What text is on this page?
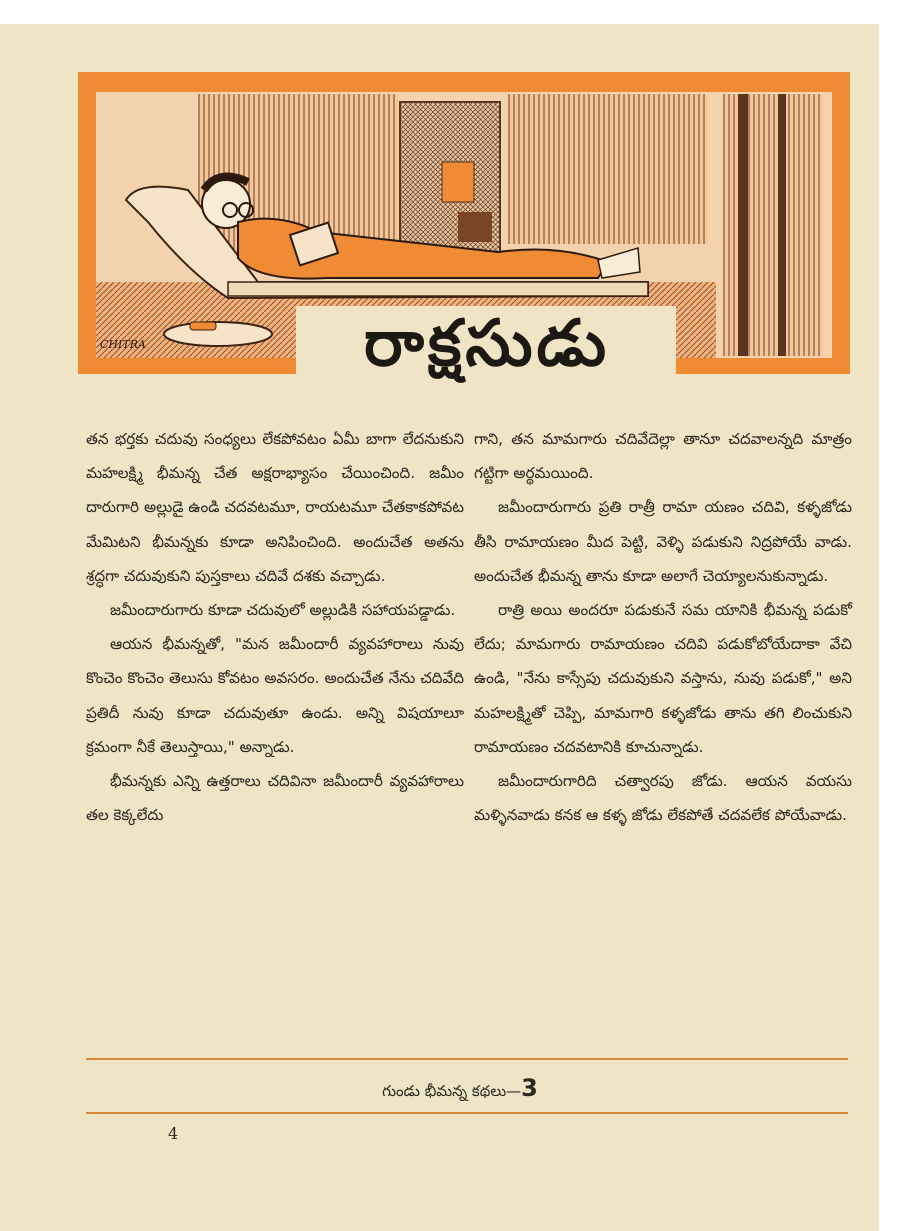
CHITRA	రాక్షసుడు

తన భర్తకు చదువు సంధ్యలు లేకపోవటం ఏమీ బాగా లేదనుకుని మహలక్ష్మి భీమన్న చేత అక్షరాభ్యాసం చేయించింది. జమీం దారుగారి అల్లుడై ఉండి చదవటమూ, రాయటమూ చేతకాకపోవట మేమిటని భీమన్నకు కూడా అనిపించింది. అందుచేత అతను శ్రద్ధగా చదువుకుని పుస్తకాలు చదివే దశకు వచ్చాడు.

జమీందారుగారు కూడా చదువులో అల్లుడికి సహాయపడ్డాడు.

ఆయన భీమన్నతో, "మన జమీందారీ వ్యవహారాలు నువు కొంచెం కొంచెం తెలుసు కోవటం అవసరం. అందుచేత నేను చదివేది ప్రతిదీ నువు కూడా చదువుతూ ఉండు. అన్ని విషయాలూ క్రమంగా నీకే తెలుస్తాయి," అన్నాడు.

భీమన్నకు ఎన్ని ఉత్తరాలు చదివినా జమీందారీ వ్యవహారాలు తల కెక్కలేదు

గాని, తన మామగారు చదివేదెల్లా తానూ చదవాలన్నది మాత్రం గట్టిగా అర్థమయింది.

జమీందారుగారు ప్రతి రాత్రీ రామా యణం చదివి, కళ్ళజోడు తీసి రామాయణం మీద పెట్టి, వెళ్ళి పడుకుని నిద్రపోయే వాడు. అందుచేత భీమన్న తాను కూడా అలాగే చెయ్యాలనుకున్నాడు.

రాత్రి అయి అందరూ పడుకునే సమ యానికి భీమన్న పడుకో లేదు; మామగారు రామాయణం చదివి పడుకోబోయేదాకా వేచి ఉండి, "నేను కాస్సేపు చదువుకుని వస్తాను, నువు పడుకో," అని మహలక్ష్మితో చెప్పి, మామగారి కళ్ళజోడు తాను తగి లించుకుని రామాయణం చదవటానికి కూచున్నాడు.

జమీందారుగారిది చత్వారపు జోడు. ఆయన వయసు మళ్ళినవాడు కనక ఆ కళ్ళ జోడు లేకపోతే చదవలేక పోయేవాడు.

గుండు భీమన్న కథలు—3
4
